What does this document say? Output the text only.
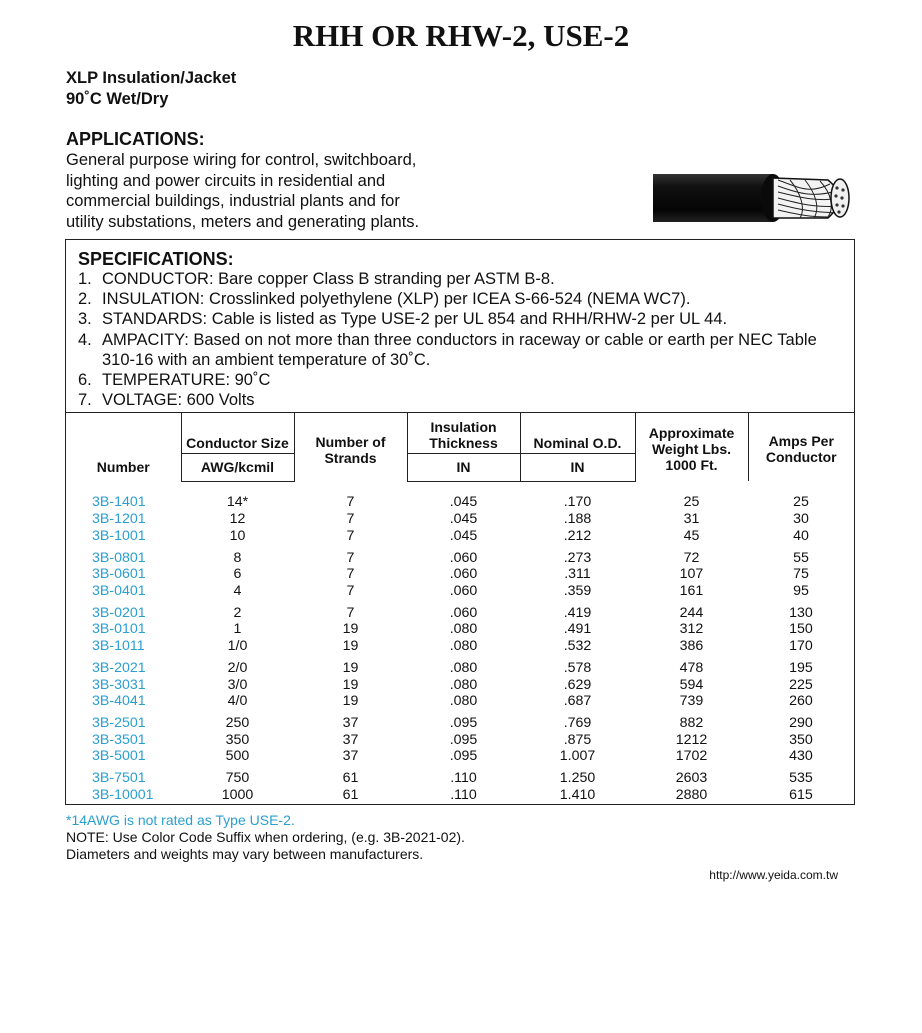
RHH OR RHW-2, USE-2
XLP Insulation/Jacket
90˚C Wet/Dry
APPLICATIONS:
General purpose wiring for control, switchboard,
lighting and power circuits in residential and
commercial buildings, industrial plants and for
utility substations, meters and generating plants.
SPECIFICATIONS:
1. CONDUCTOR: Bare copper Class B stranding per ASTM B-8.
2. INSULATION: Crosslinked polyethylene (XLP) per ICEA S-66-524 (NEMA WC7).
3. STANDARDS: Cable is listed as Type USE-2 per UL 854 and RHH/RHW-2 per UL 44.
4. AMPACITY: Based on not more than three conductors in raceway or cable or earth per NEC Table 310-16 with an ambient temperature of 30˚C.
6. TEMPERATURE: 90˚C
7. VOLTAGE: 600 Volts
Number	Conductor Size	Number of Strands	Insulation Thickness	Nominal O.D.	Approximate Weight Lbs. 1000 Ft.	Amps Per Conductor
	AWG/kcmil		IN	IN		
3B-1401	14*	7	.045	.170	25	25
3B-1201	12	7	.045	.188	31	30
3B-1001	10	7	.045	.212	45	40
3B-0801	8	7	.060	.273	72	55
3B-0601	6	7	.060	.311	107	75
3B-0401	4	7	.060	.359	161	95
3B-0201	2	7	.060	.419	244	130
3B-0101	1	19	.080	.491	312	150
3B-1011	1/0	19	.080	.532	386	170
3B-2021	2/0	19	.080	.578	478	195
3B-3031	3/0	19	.080	.629	594	225
3B-4041	4/0	19	.080	.687	739	260
3B-2501	250	37	.095	.769	882	290
3B-3501	350	37	.095	.875	1212	350
3B-5001	500	37	.095	1.007	1702	430
3B-7501	750	61	.110	1.250	2603	535
3B-10001	1000	61	.110	1.410	2880	615
*14AWG is not rated as Type USE-2.
NOTE: Use Color Code Suffix when ordering, (e.g. 3B-2021-02).
Diameters and weights may vary between manufacturers.
http://www.yeida.com.tw
